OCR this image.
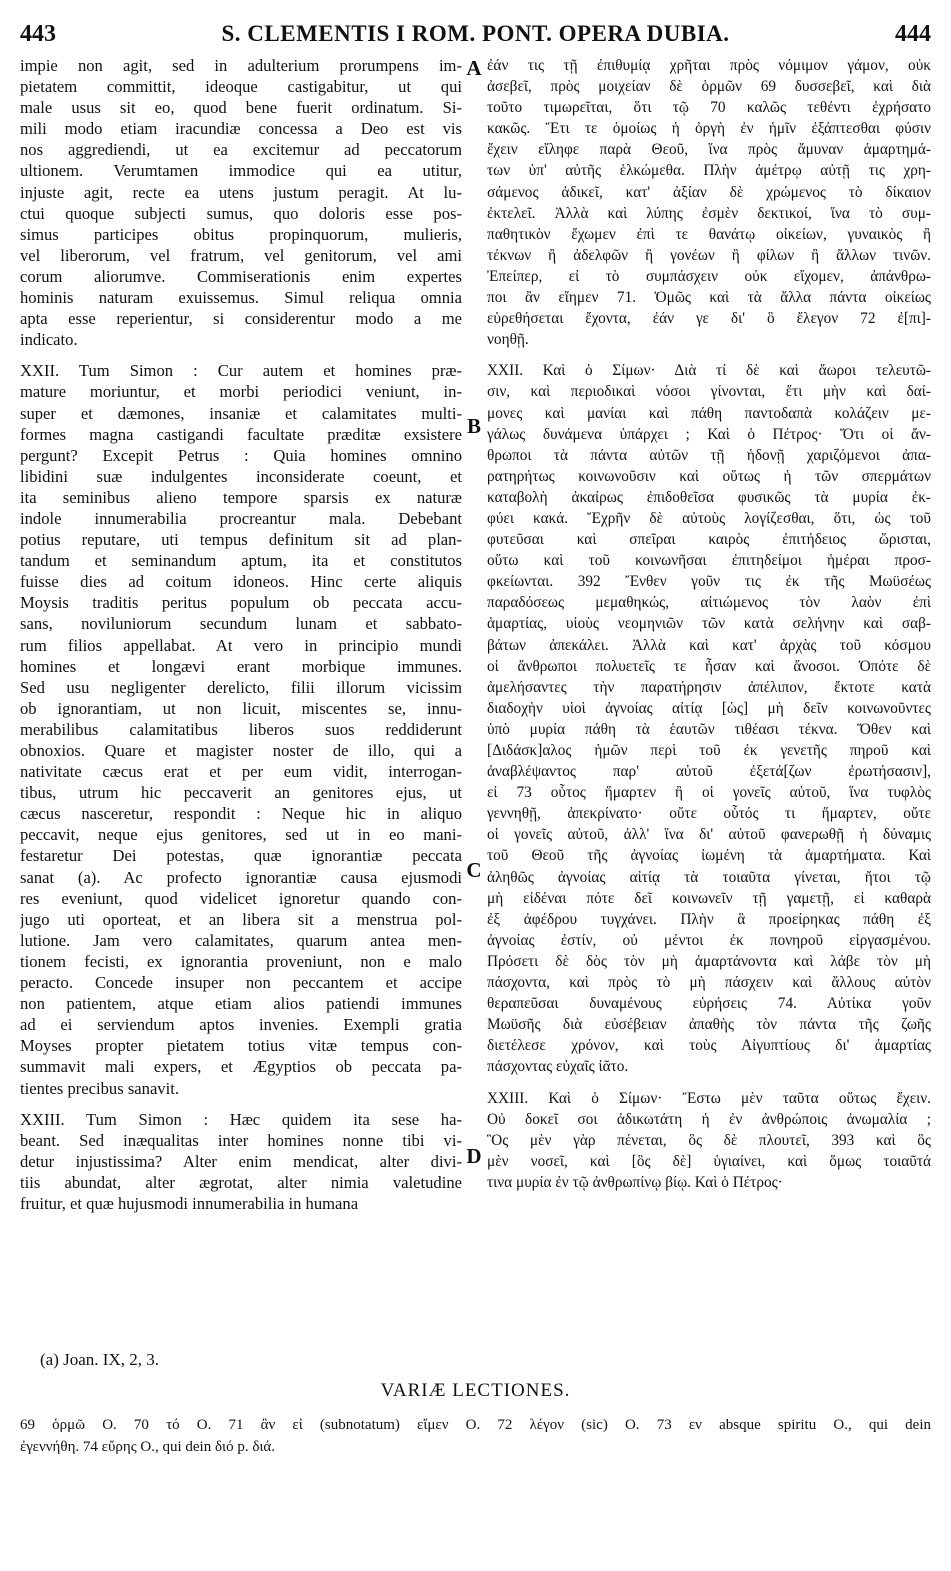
443	S. CLEMENTIS I ROM. PONT. OPERA DUBIA.	444
impie non agit, sed in adulterium prorumpens im-
pietatem committit, ideoque castigabitur, ut qui
male usus sit eo, quod bene fuerit ordinatum. Si-
mili modo etiam iracundiæ concessa a Deo est vis
nos aggrediendi, ut ea excitemur ad peccatorum
ultionem. Verumtamen immodice qui ea utitur,
injuste agit, recte ea utens justum peragit. At lu-
ctui quoque subjecti sumus, quo doloris esse pos-
simus participes obitus propinquorum, mulieris,
vel liberorum, vel fratrum, vel genitorum, vel ami
corum aliorumve. Commiserationis enim expertes
hominis naturam exuissemus. Simul reliqua omnia
apta esse reperientur, si considerentur modo a me
indicato.
XXII. Tum Simon : Cur autem et homines præ-
mature moriuntur, et morbi periodici veniunt, in-
super et dæmones, insaniæ et calamitates multi-
formes magna castigandi facultate præditæ exsistere
pergunt? Excepit Petrus : Quia homines omnino
libidini suæ indulgentes inconsiderate coeunt, et
ita seminibus alieno tempore sparsis ex naturæ
indole innumerabilia procreantur mala. Debebant
potius reputare, uti tempus definitum sit ad plan-
tandum et seminandum aptum, ita et constitutos
fuisse dies ad coitum idoneos. Hinc certe aliquis
Moysis traditis peritus populum ob peccata accu-
sans, noviluniorum secundum lunam et sabbato-
rum filios appellabat. At vero in principio mundi
homines et longævi erant morbique immunes.
Sed usu negligenter derelicto, filii illorum vicissim
ob ignorantiam, ut non licuit, miscentes se, innu-
merabilibus calamitatibus liberos suos reddiderunt
obnoxios. Quare et magister noster de illo, qui a
nativitate cæcus erat et per eum vidit, interrogan-
tibus, utrum hic peccaverit an genitores ejus, ut
cæcus nasceretur, respondit : Neque hic in aliquo
peccavit, neque ejus genitores, sed ut in eo mani-
festaretur Dei potestas, quæ ignorantiæ peccata
sanat (a). Ac profecto ignorantiæ causa ejusmodi
res eveniunt, quod videlicet ignoretur quando con-
jugo uti oporteat, et an libera sit a menstrua pol-
lutione. Jam vero calamitates, quarum antea men-
tionem fecisti, ex ignorantia proveniunt, non e malo
peracto. Concede insuper non peccantem et accipe
non patientem, atque etiam alios patiendi immunes
ad ei serviendum aptos invenies. Exempli gratia
Moyses propter pietatem totius vitæ tempus con-
summavit mali expers, et Ægyptios ob peccata pa-
tientes precibus sanavit.
XXIII. Tum Simon : Hæc quidem ita sese ha-
beant. Sed inæqualitas inter homines nonne tibi vi-
detur injustissima? Alter enim mendicat, alter divi-
tiis abundat, alter ægrotat, alter nimia valetudine
fruitur, et quæ hujusmodi innumerabilia in humana
ἐάν τις τῇ ἐπιθυμίᾳ χρῆται πρὸς νόμιμον γάμον, οὐκ
ἀσεβεῖ, πρὸς μοιχείαν δὲ ὁρμῶν 69 δυσσεβεῖ, καὶ διὰ
τοῦτο τιμωρεῖται, ὅτι τῷ 70 καλῶς τεθέντι ἐχρήσατο
κακῶς. Ἔτι τε ὁμοίως ἡ ὀργὴ ἐν ἡμῖν ἐξάπτεσθαι φύσιν
ἔχειν εἴληφε παρὰ Θεοῦ, ἵνα πρὸς ἄμυναν ἁμαρτημά-
των ὑπ' αὐτῆς ἑλκώμεθα. Πλὴν ἀμέτρῳ αὐτῇ τις χρη-
σάμενος ἀδικεῖ, κατ' ἀξίαν δὲ χρώμενος τὸ δίκαιον
ἐκτελεῖ. Ἀλλὰ καὶ λύπης ἐσμὲν δεκτικοί, ἵνα τὸ συμ-
παθητικὸν ἔχωμεν ἐπὶ τε θανάτῳ οἰκείων, γυναικὸς ἢ
τέκνων ἢ ἀδελφῶν ἢ γονέων ἢ φίλων ἢ ἄλλων τινῶν.
Ἐπείπερ, εἰ τὸ συμπάσχειν οὐκ εἴχομεν, ἀπάνθρω-
ποι ἂν εἴημεν 71. Ὁμῶς καὶ τὰ ἄλλα πάντα οἰκείως
εὑρεθήσεται ἔχοντα, ἐάν γε δι' ὃ ἔλεγον 72 ἐ[πι]-
νοηθῇ.
XXII. Καὶ ὁ Σίμων· Διὰ τί δὲ καὶ ἄωροι τελευτῶ-
σιν, καὶ περιοδικαὶ νόσοι γίνονται, ἔτι μὴν καὶ δαί-
μονες καὶ μανίαι καὶ πάθη παντοδαπὰ κολάζειν με-
γάλως δυνάμενα ὑπάρχει ; Καὶ ὁ Πέτρος· Ὅτι οἱ ἄν-
θρωποι τὰ πάντα αὐτῶν τῇ ἡδονῇ χαριζόμενοι ἀπα-
ρατηρήτως κοινωνοῦσιν καὶ οὕτως ἡ τῶν σπερμάτων
καταβολὴ ἀκαίρως ἐπιδοθεῖσα φυσικῶς τὰ μυρία ἐκ-
φύει κακά. Ἔχρῆν δὲ αὐτοὺς λογίζεσθαι, ὅτι, ὡς τοῦ
φυτεῦσαι καὶ σπεῖραι καιρὸς ἐπιτήδειος ὥρισται,
οὕτω καὶ τοῦ κοινωνῆσαι ἐπιτηδείμοι ἡμέραι προσ-
φκείωνται. 392 Ἔνθεν γοῦν τις ἐκ τῆς Μωϋσέως
παραδόσεως μεμαθηκώς, αἰτιώμενος τὸν λαὸν ἐπὶ
ἁμαρτίας, υἱοὺς νεομηνιῶν τῶν κατὰ σελήνην καὶ σαβ-
βάτων ἀπεκάλει. Ἀλλὰ καὶ κατ' ἀρχὰς τοῦ κόσμου
οἱ ἄνθρωποι πολυετεῖς τε ἦσαν καὶ ἄνοσοι. Ὁπότε δὲ
ἀμελήσαντες τὴν παρατήρησιν ἀπέλιπον, ἔκτοτε κατὰ
διαδοχὴν υἱοὶ ἀγνοίας αἰτίᾳ [ὡς] μὴ δεῖν κοινωνοῦντες
ὑπὸ μυρία πάθη τὰ ἑαυτῶν τιθέασι τέκνα. Ὅθεν καὶ
[Διδάσκ]αλος ἡμῶν περὶ τοῦ ἐκ γενετῆς πηροῦ καὶ
ἀναβλέψαντος παρ' αὐτοῦ ἐξετά[ζων ἐρωτήσασιν],
εἰ 73 οὗτος ἥμαρτεν ἢ οἱ γονεῖς αὐτοῦ, ἵνα τυφλὸς
γεννηθῇ, ἀπεκρίνατο· οὔτε οὗτός τι ἥμαρτεν, οὔτε
οἱ γονεῖς αὐτοῦ, ἀλλ' ἵνα δι' αὐτοῦ φανερωθῇ ἡ δύναμις
τοῦ Θεοῦ τῆς ἀγνοίας ἰωμένη τὰ ἁμαρτήματα. Καὶ
ἀληθῶς ἀγνοίας αἰτίᾳ τὰ τοιαῦτα γίνεται, ἤτοι τῷ
μὴ εἰδέναι πότε δεῖ κοινωνεῖν τῇ γαμετῇ, εἰ καθαρὰ
ἐξ ἀφέδρου τυγχάνει. Πλὴν ἃ προείρηκας πάθη ἐξ
ἀγνοίας ἐστίν, οὐ μέντοι ἐκ πονηροῦ εἰργασμένου.
Πρόσετι δὲ δὸς τὸν μὴ ἁμαρτάνοντα καὶ λάβε τὸν μὴ
πάσχοντα, καὶ πρὸς τὸ μὴ πάσχειν καὶ ἄλλους αὐτὸν
θεραπεῦσαι δυναμένους εὑρήσεις 74. Αὐτίκα γοῦν
Μωϋσῆς διὰ εὐσέβειαν ἀπαθὴς τὸν πάντα τῆς ζωῆς
διετέλεσε χρόνον, καὶ τοὺς Αἰγυπτίους δι' ἁμαρτίας
πάσχοντας εὐχαῖς ἰᾶτο.
XXIII. Καὶ ὁ Σίμων· Ἔστω μὲν ταῦτα οὕτως ἔχειν.
Οὐ δοκεῖ σοι ἀδικωτάτη ἡ ἐν ἀνθρώποις ἀνωμαλία ;
Ὃς μὲν γὰρ πένεται, ὃς δὲ πλουτεῖ, 393 καὶ ὃς
μὲν νοσεῖ, καὶ [ὃς δὲ] ὑγιαίνει, καὶ ὅμως τοιαῦτά
τινα μυρία ἐν τῷ ἀνθρωπίνῳ βίῳ. Καὶ ὁ Πέτρος·
A
B
C
D
(a) Joan. IX, 2, 3.
VARIÆ LECTIONES.
69 ὁρμῶ O. 70 τό O. 71 ἂν εἰ (subnotatum) εἴμεν O. 72 λέγον (sic) O. 73 εν absque spiritu O., qui dein
ἐγεννήθη. 74 εὔρης O., qui dein διό p. διά.
